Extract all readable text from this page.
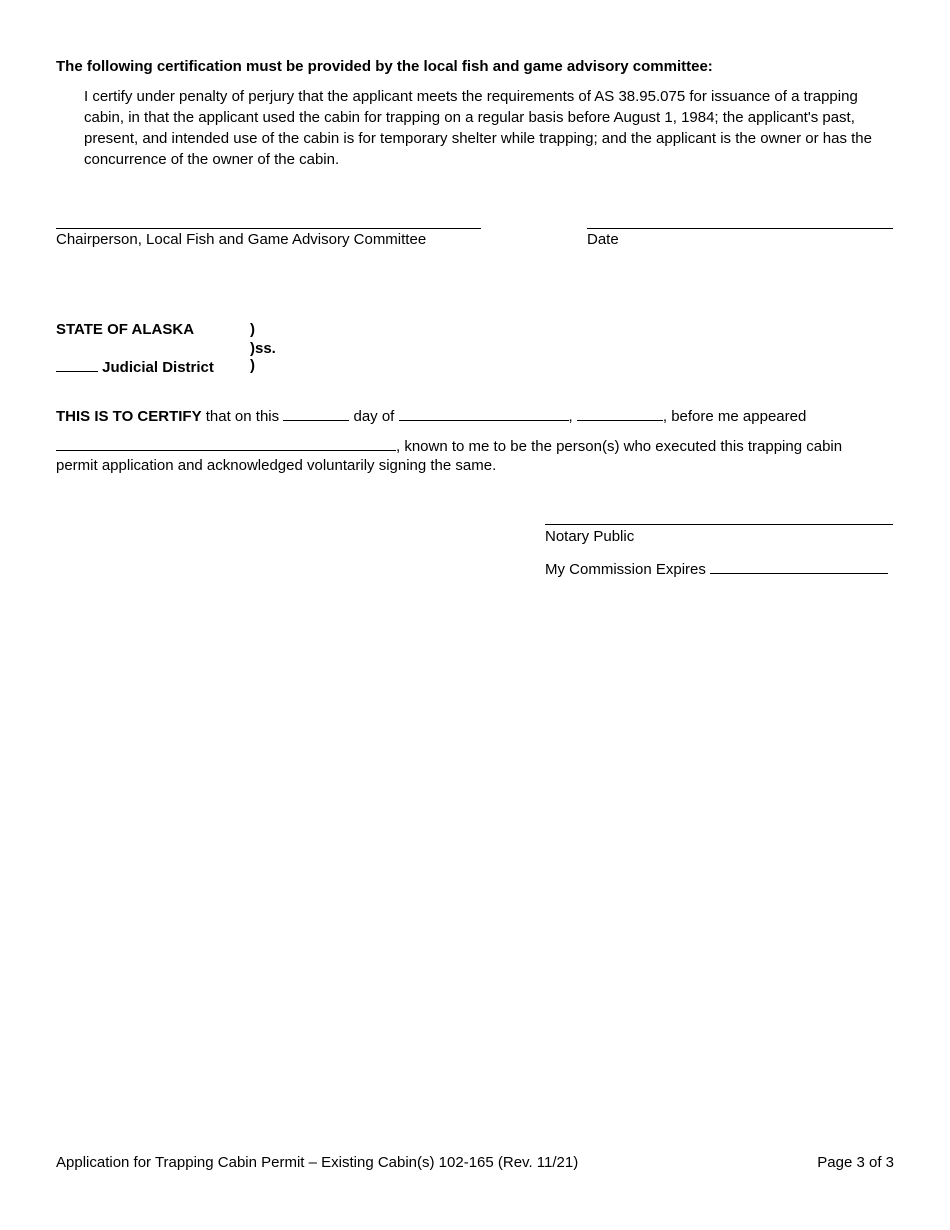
The following certification must be provided by the local fish and game advisory committee:
I certify under penalty of perjury that the applicant meets the requirements of AS 38.95.075 for issuance of a trapping cabin, in that the applicant used the cabin for trapping on a regular basis before August 1, 1984; the applicant's past, present, and intended use of the cabin is for temporary shelter while trapping; and the applicant is the owner or has the concurrence of the owner of the cabin.
Chairperson, Local Fish and Game Advisory Committee	Date
STATE OF ALASKA	)
)ss.
Judicial District )
THIS IS TO CERTIFY that on this	day of	,	, before me appeared
, known to me to be the person(s) who executed this trapping cabin
permit application and acknowledged voluntarily signing the same.
Notary Public
My Commission Expires
Application for Trapping Cabin Permit – Existing Cabin(s) 102-165 (Rev. 11/21)	Page 3 of 3
